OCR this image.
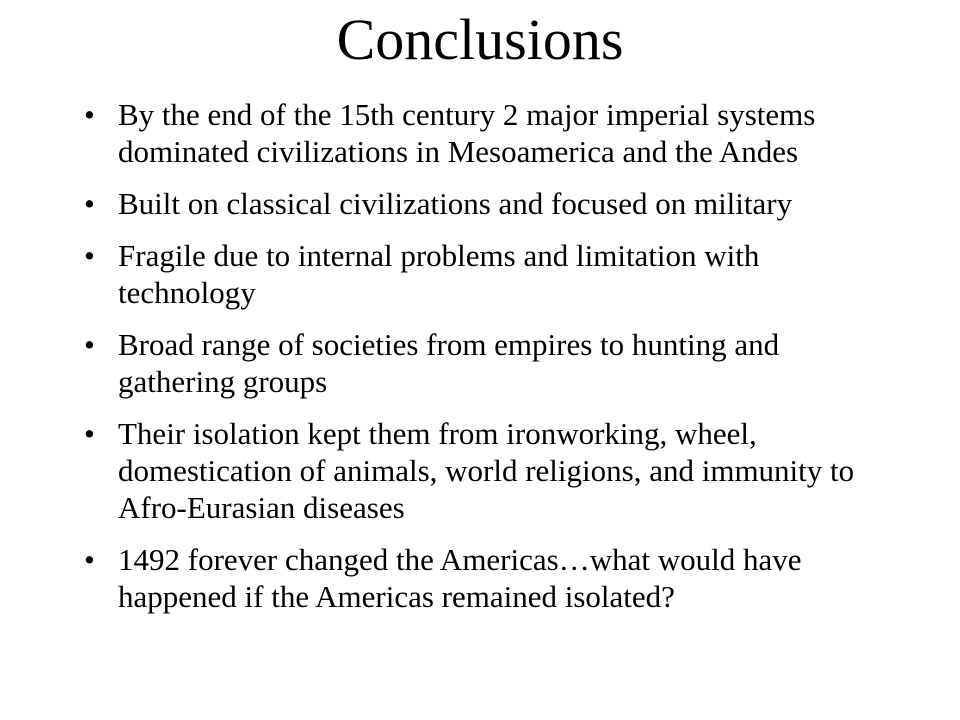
Conclusions
• By the end of the 15th century 2 major imperial systems dominated civilizations in Mesoamerica and the Andes
• Built on classical civilizations and focused on military
• Fragile due to internal problems and limitation with technology
• Broad range of societies from empires to hunting and gathering groups
• Their isolation kept them from ironworking, wheel, domestication of animals, world religions, and immunity to Afro-Eurasian diseases
• 1492 forever changed the Americas…what would have happened if the Americas remained isolated?
